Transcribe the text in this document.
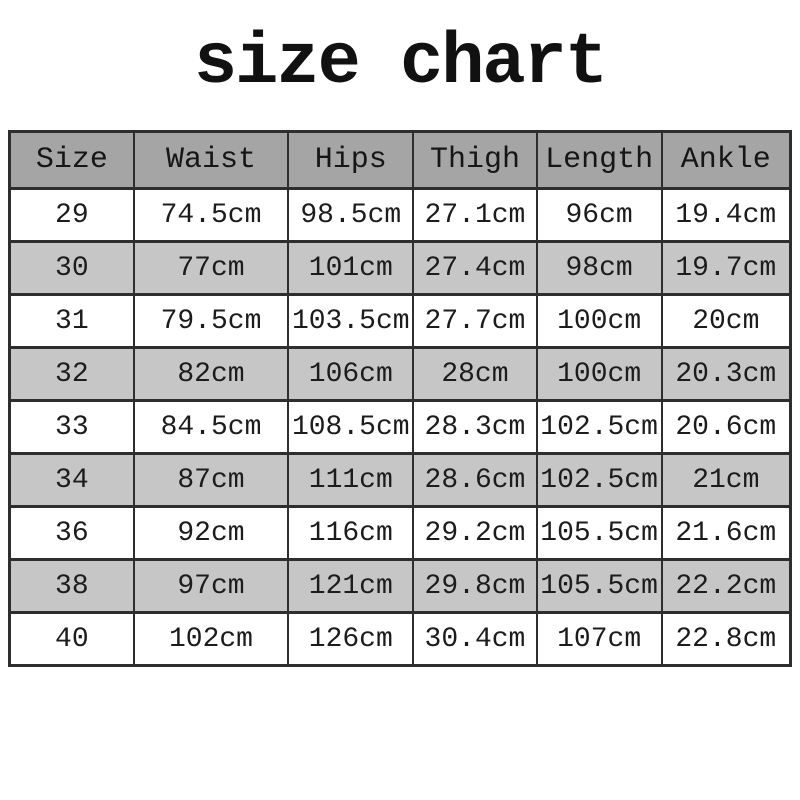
size chart
Size	Waist	Hips	Thigh	Length	Ankle
29	74.5cm	98.5cm	27.1cm	96cm	19.4cm
30	77cm	101cm	27.4cm	98cm	19.7cm
31	79.5cm	103.5cm	27.7cm	100cm	20cm
32	82cm	106cm	28cm	100cm	20.3cm
33	84.5cm	108.5cm	28.3cm	102.5cm	20.6cm
34	87cm	111cm	28.6cm	102.5cm	21cm
36	92cm	116cm	29.2cm	105.5cm	21.6cm
38	97cm	121cm	29.8cm	105.5cm	22.2cm
40	102cm	126cm	30.4cm	107cm	22.8cm
